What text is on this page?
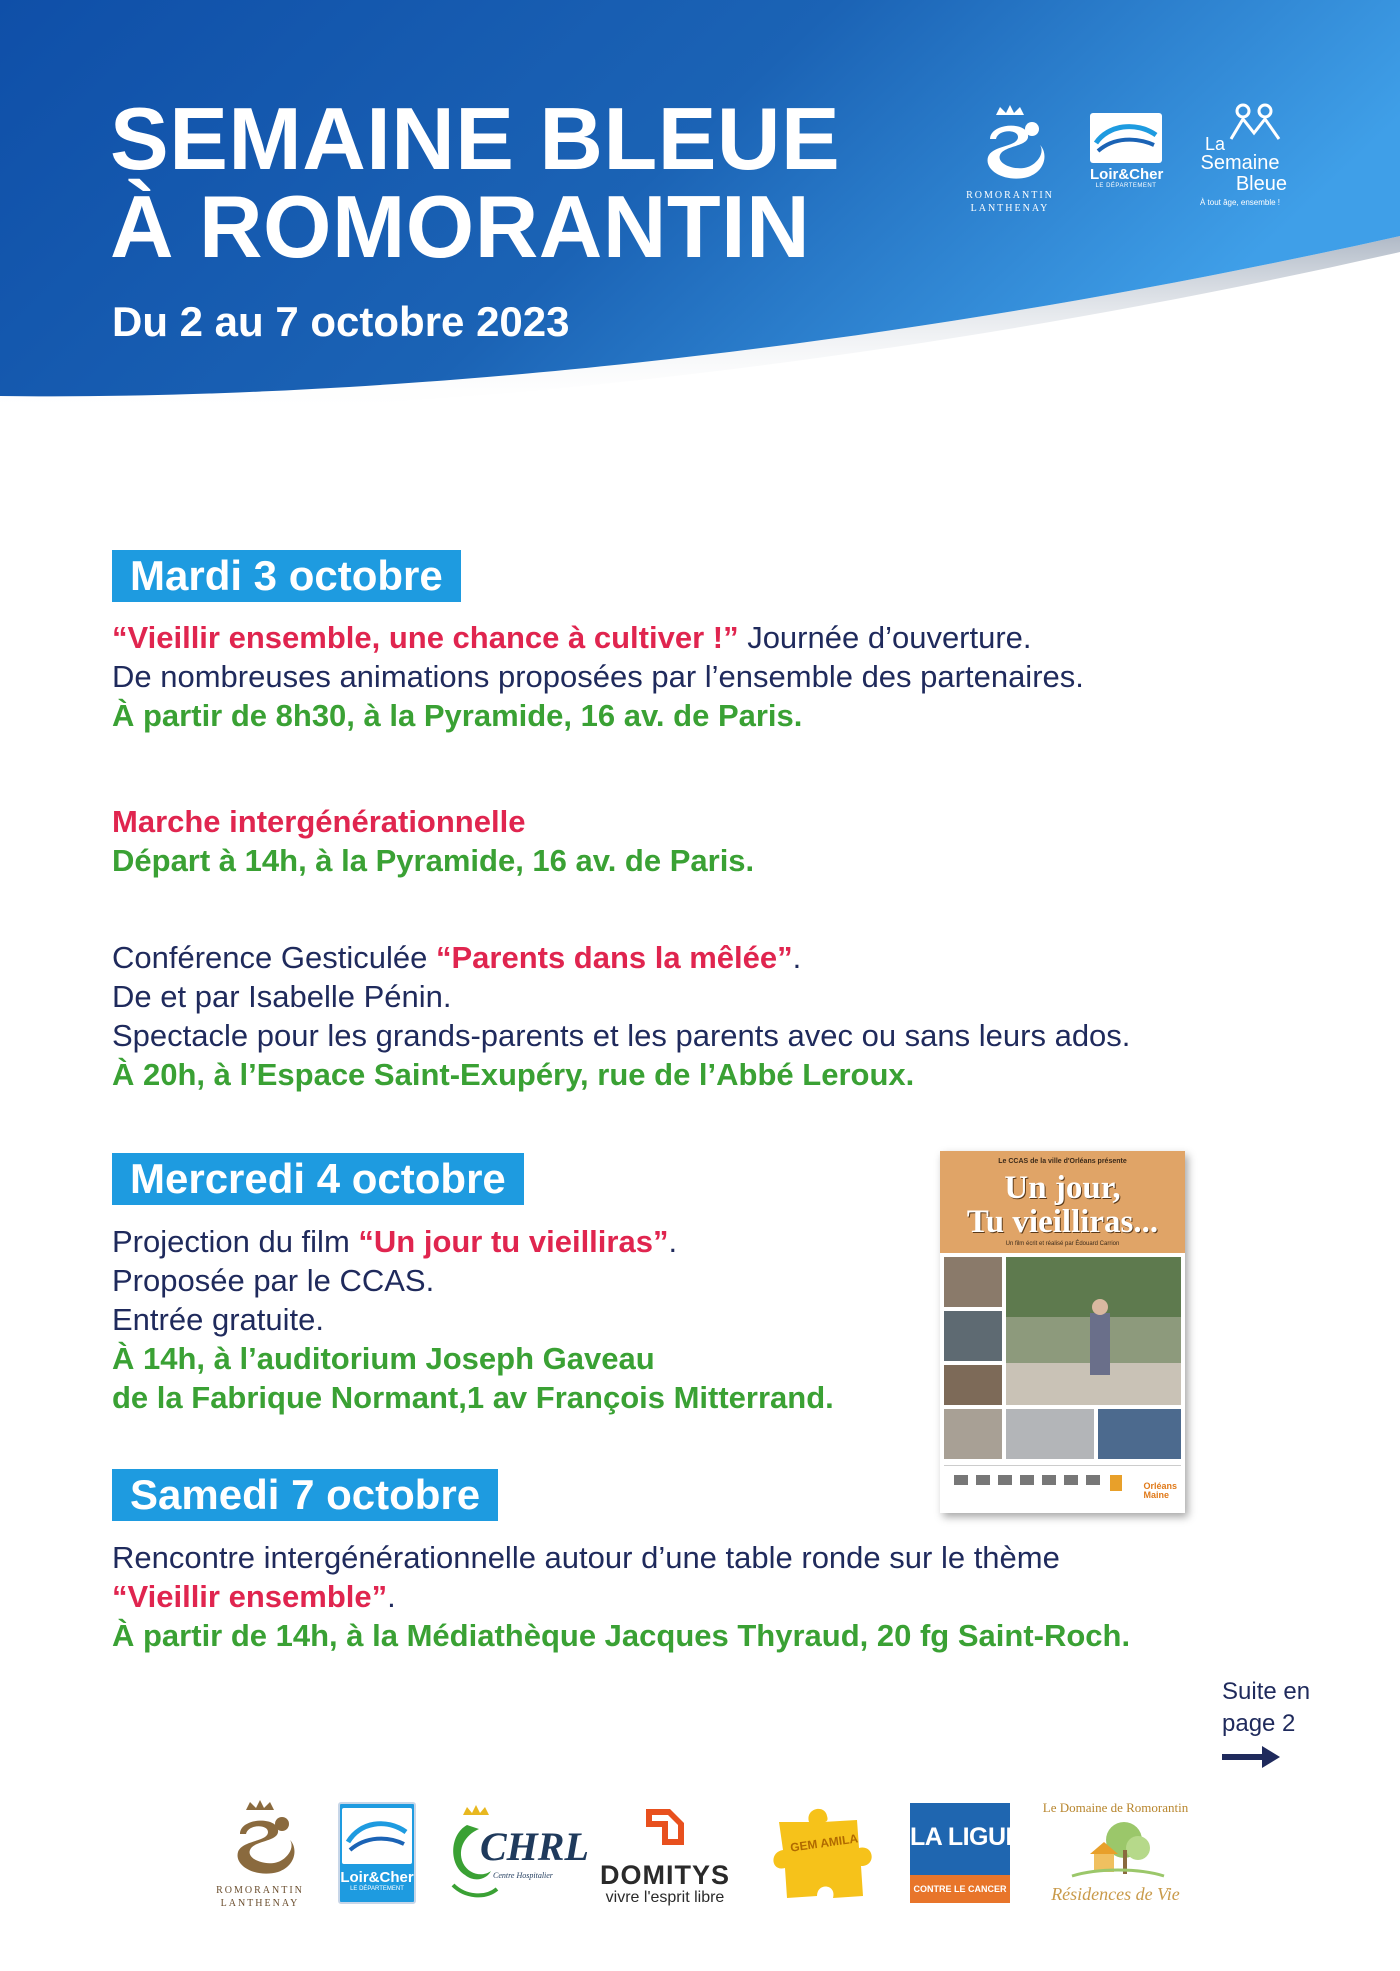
SEMAINE BLEUE
À ROMORANTIN
Du 2 au 7 octobre 2023
ROMORANTIN
LANTHENAY
Loir&Cher
LE DÉPARTEMENT
La
Semaine
Bleue
À tout âge, ensemble !
Mardi 3 octobre
“Vieillir ensemble, une chance à cultiver !” Journée d’ouverture.
De nombreuses animations proposées par l’ensemble des partenaires.
À partir de 8h30, à la Pyramide, 16 av. de Paris.
Marche intergénérationnelle
Départ à 14h, à la Pyramide, 16 av. de Paris.
Conférence Gesticulée “Parents dans la mêlée”.
De et par Isabelle Pénin.
Spectacle pour les grands-parents et les parents avec ou sans leurs ados.
À 20h, à l’Espace Saint-Exupéry, rue de l’Abbé Leroux.
Mercredi 4 octobre
Projection du film “Un jour tu vieilliras”.
Proposée par le CCAS.
Entrée gratuite.
À 14h, à l’auditorium Joseph Gaveau
de la Fabrique Normant,1 av François Mitterrand.
Le CCAS de la ville d'Orléans présente
Un jour,
Tu vieilliras...
Un film écrit et réalisé par Édouard Carrion
Orléans
Maine
Samedi 7 octobre
Rencontre intergénérationnelle autour d’une table ronde sur le thème
“Vieillir ensemble”.
À partir de 14h, à la Médiathèque Jacques Thyraud, 20 fg Saint-Roch.
Suite en
page 2
ROMORANTIN
LANTHENAY
Loir&Cher
LE DÉPARTEMENT
CHRL
Centre Hospitalier	DOMITYS
vivre l'esprit libre
GEM AMILA LA LIGUE
CONTRE LE CANCER
Le Domaine de Romorantin
Résidences de Vie
